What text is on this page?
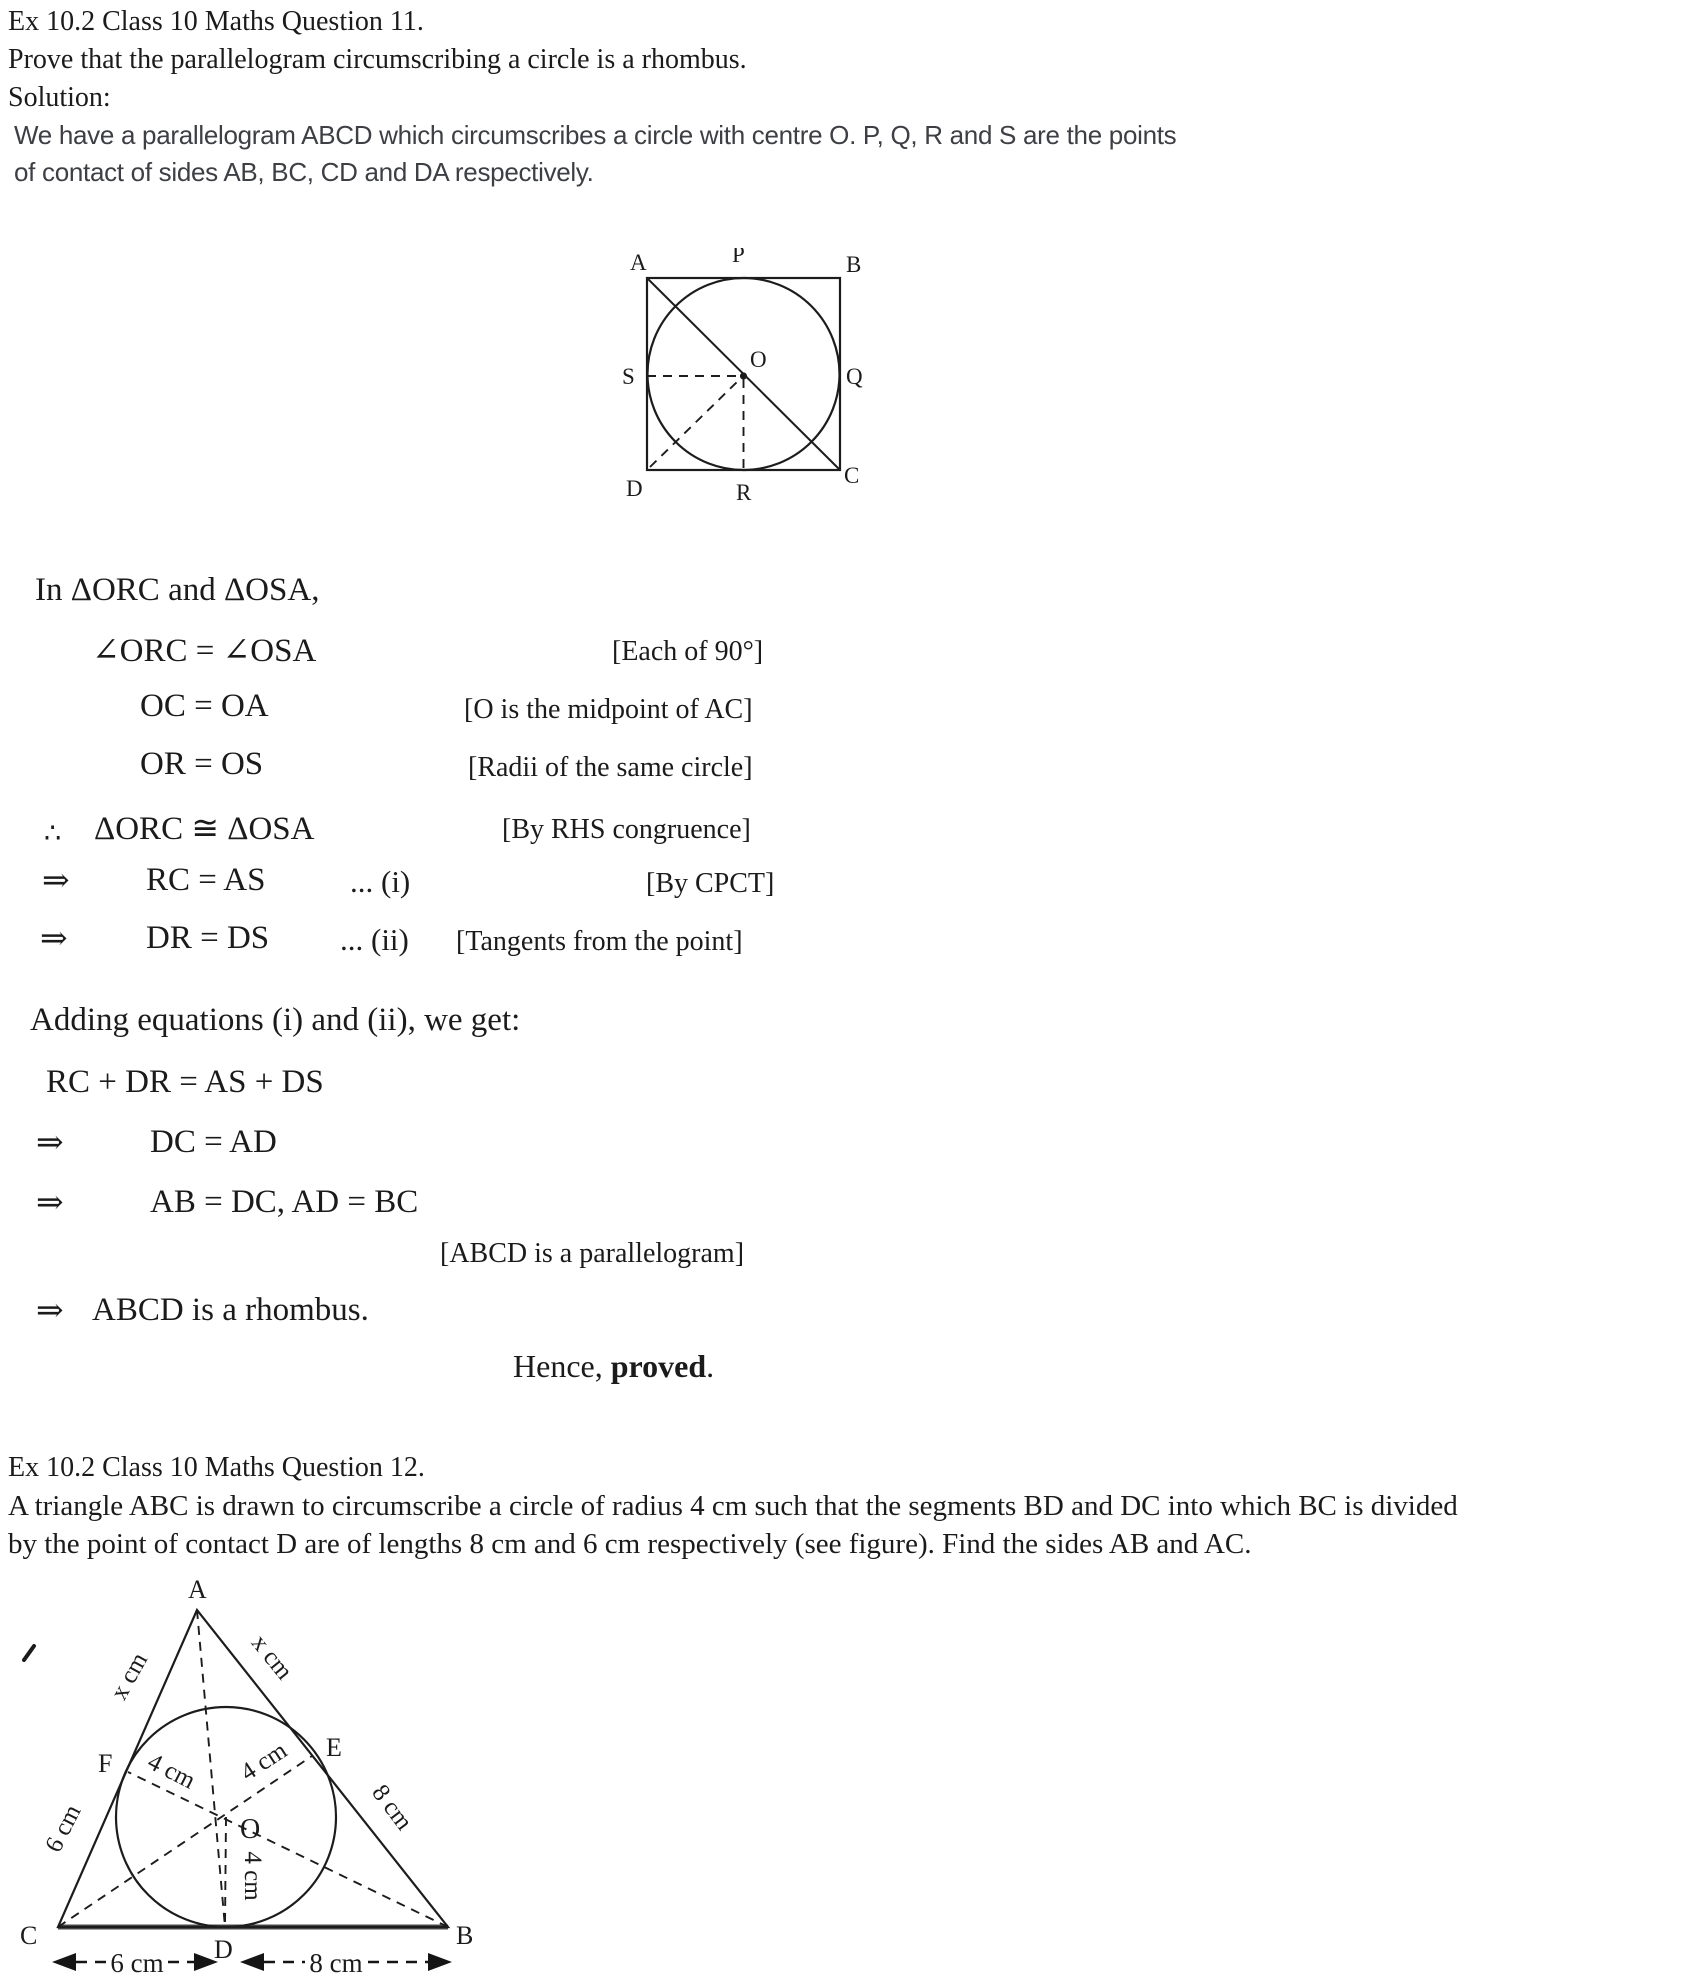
Ex 10.2 Class 10 Maths Question 11.
Prove that the parallelogram circumscribing a circle is a rhombus.
Solution:
We have a parallelogram ABCD which circumscribes a circle with centre O. P, Q, R and S are the points
of contact of sides AB, BC, CD and DA respectively.
A	P	B
S
O
Q
D	R
C
In ΔORC and ΔOSA,
∠ORC = ∠OSA	[Each of 90°]
OC = OA	[O is the midpoint of AC]
OR = OS	[Radii of the same circle]
∴ ΔORC ≅ ΔOSA	[By RHS congruence]
⇒ RC = AS	... (i)	[By CPCT]
⇒ DR = DS ... (ii) [Tangents from the point]
Adding equations (i) and (ii), we get:
RC + DR = AS + DS
⇒	DC = AD
⇒	AB = DC, AD = BC
[ABCD is a parallelogram]
⇒ ABCD is a rhombus.
Hence, proved.
Ex 10.2 Class 10 Maths Question 12.
A triangle ABC is drawn to circumscribe a circle of radius 4 cm such that the segments BD and DC into which BC is divided
by the point of contact D are of lengths 8 cm and 6 cm respectively (see figure). Find the sides AB and AC.
A
C	B
D
F
E
O
x cm	x cm
6 cm	8 cm
4 cm 4 cm
4 cm
6 cm	8 cm
